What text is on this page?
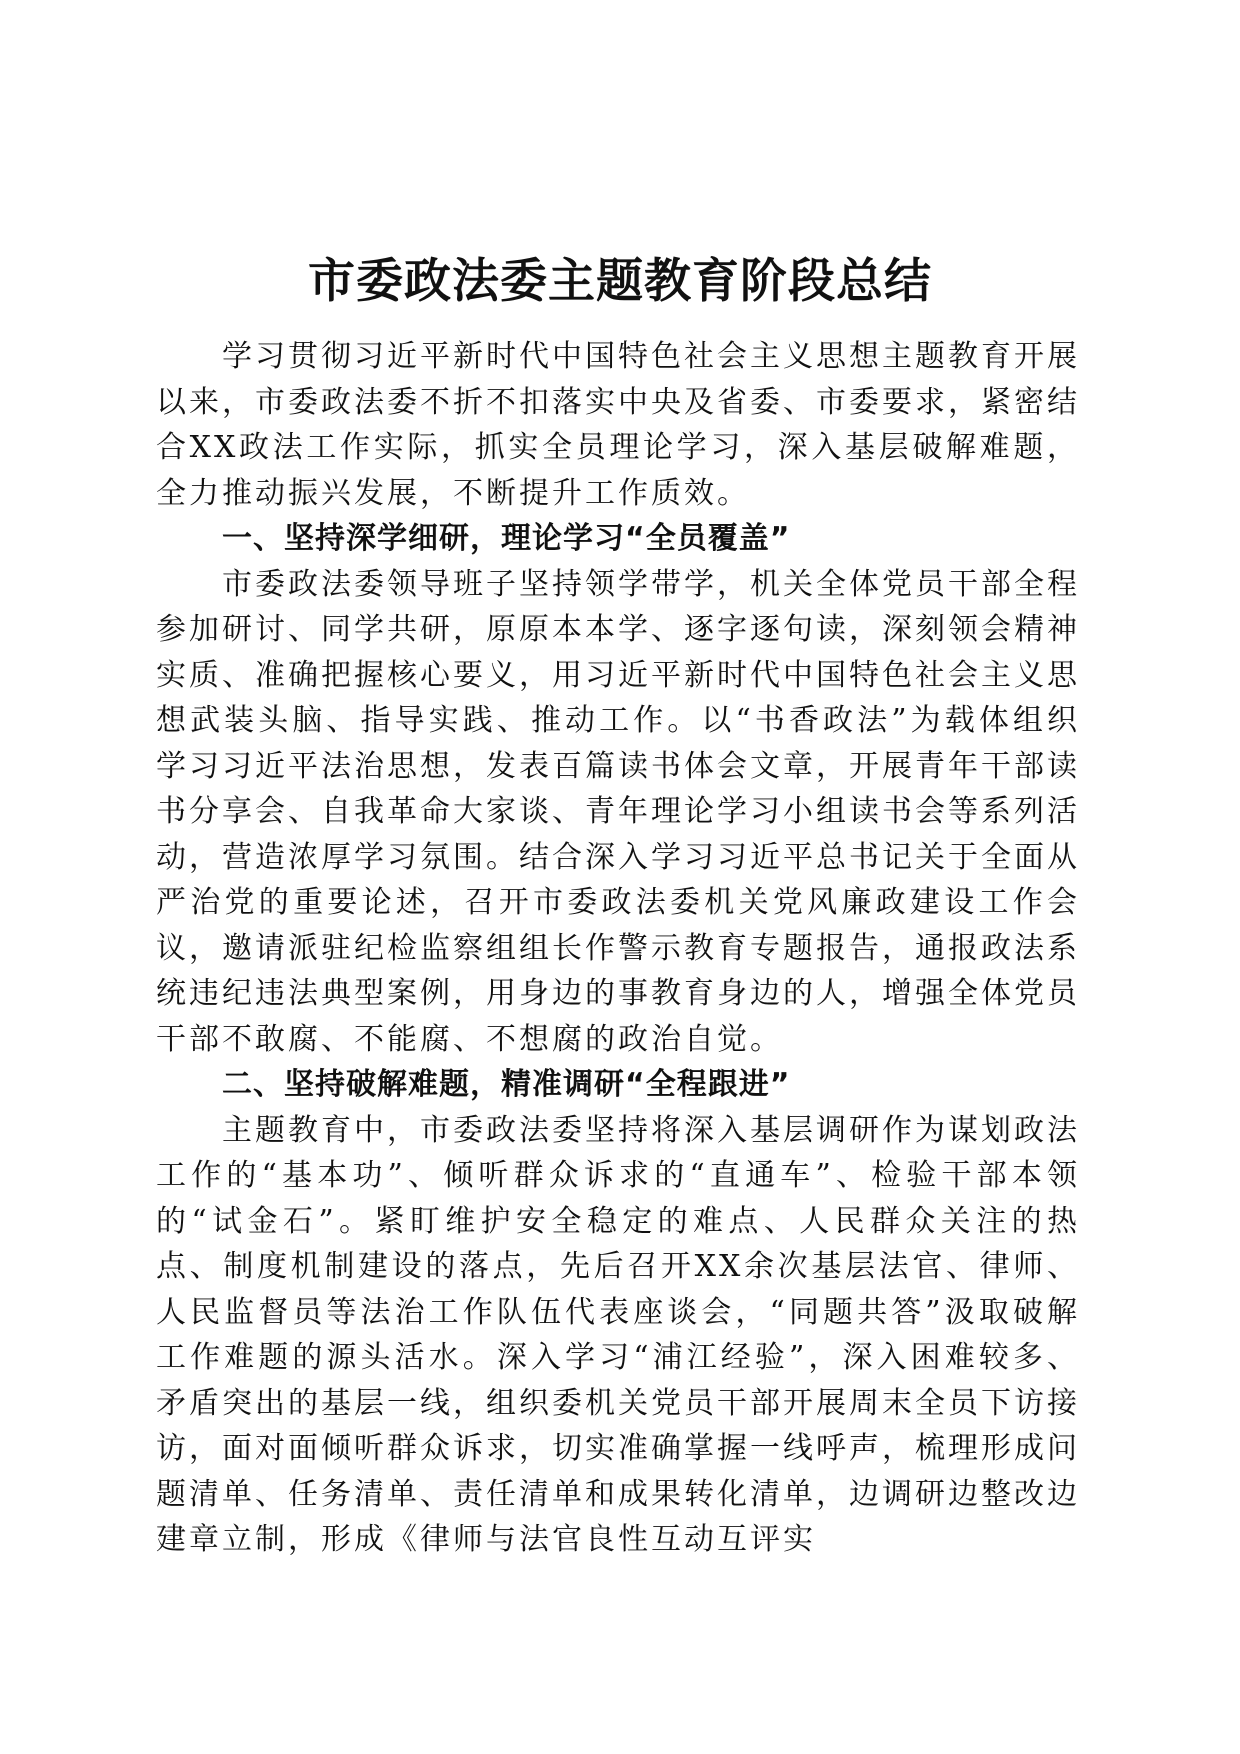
市委政法委主题教育阶段总结

学习贯彻习近平新时代中国特色社会主义思想主题教育开展以来，市委政法委不折不扣落实中央及省委、市委要求，紧密结合XX政法工作实际，抓实全员理论学习，深入基层破解难题，全力推动振兴发展，不断提升工作质效。

一、坚持深学细研，理论学习“全员覆盖”

市委政法委领导班子坚持领学带学，机关全体党员干部全程参加研讨、同学共研，原原本本学、逐字逐句读，深刻领会精神实质、准确把握核心要义，用习近平新时代中国特色社会主义思想武装头脑、指导实践、推动工作。以“书香政法”为载体组织学习习近平法治思想，发表百篇读书体会文章，开展青年干部读书分享会、自我革命大家谈、青年理论学习小组读书会等系列活动，营造浓厚学习氛围。结合深入学习习近平总书记关于全面从严治党的重要论述，召开市委政法委机关党风廉政建设工作会议，邀请派驻纪检监察组组长作警示教育专题报告，通报政法系统违纪违法典型案例，用身边的事教育身边的人，增强全体党员干部不敢腐、不能腐、不想腐的政治自觉。

二、坚持破解难题，精准调研“全程跟进”

主题教育中，市委政法委坚持将深入基层调研作为谋划政法工作的“基本功”、倾听群众诉求的“直通车”、检验干部本领的“试金石”。紧盯维护安全稳定的难点、人民群众关注的热点、制度机制建设的落点，先后召开XX余次基层法官、律师、人民监督员等法治工作队伍代表座谈会，“同题共答”汲取破解工作难题的源头活水。深入学习“浦江经验”，深入困难较多、矛盾突出的基层一线，组织委机关党员干部开展周末全员下访接访，面对面倾听群众诉求，切实准确掌握一线呼声，梳理形成问题清单、任务清单、责任清单和成果转化清单，边调研边整改边建章立制，形成《律师与法官良性互动互评实
